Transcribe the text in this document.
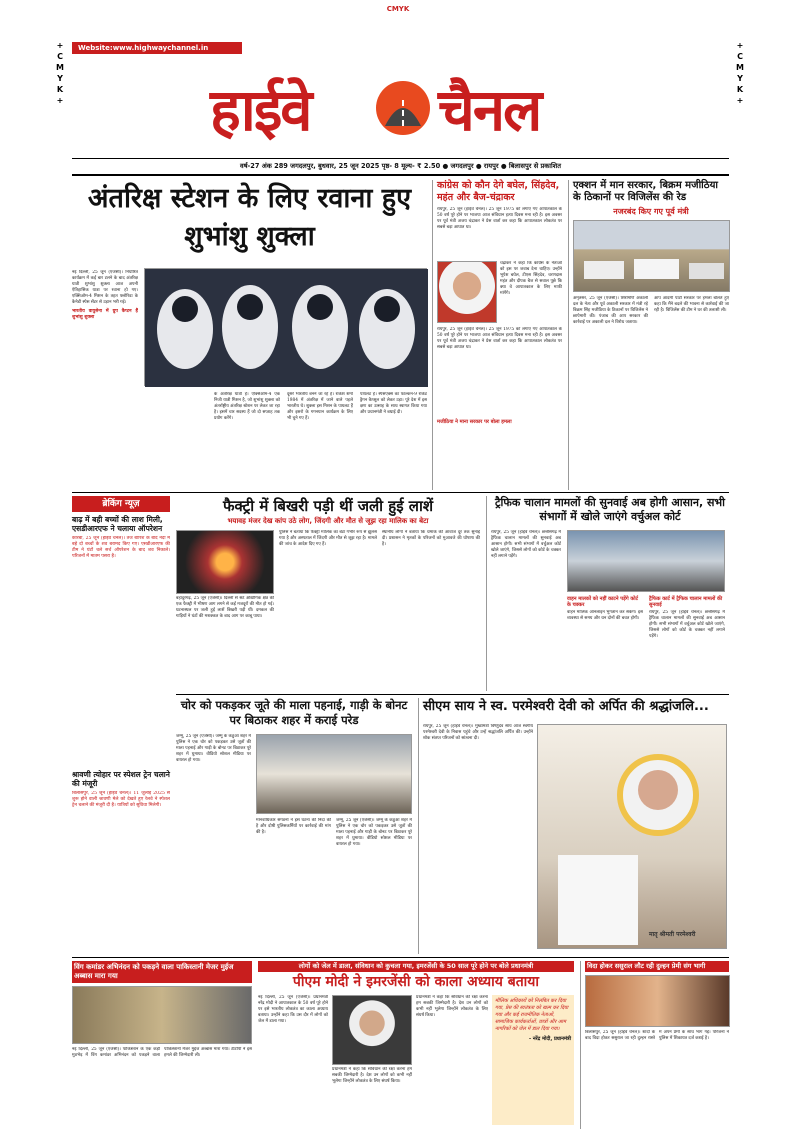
CMYK
+
C
M
Y
K
+
+
C
M
Y
K
+
Website:www.highwaychannel.in
हाईवे चैनल
वर्ष-27 अंक 289 जगदलपुर, बुधवार, 25 जून 2025 पृष्ठ- 8 मूल्य- ₹ 2.50 ● जगदलपुर ● रायपुर ● बिलासपुर से प्रकाशित
अंतरिक्ष स्टेशन के लिए रवाना हुए शुभांशु शुक्ला

नई दिल्ली, 25 जून (एजेंसी)। निर्धारित कार्यक्रम में कई बार टलने के बाद अंतरिक्ष यात्री शुभांशु शुक्ला आज अपनी ऐतिहासिक यात्रा पर रवाना हो गए। एक्सिओम-4 मिशन के तहत फ्लोरिडा के कैनेडी स्पेस सेंटर से उड़ान भरी गई।

भारतीय वायुसेना में ग्रुप कैप्टन हैं शुभांशु शुक्ला

के अंतरिक्ष यात्री हैं। एक्सिओम-4 एक निजी यात्री मिशन है, जो शुभांशु शुक्ला को अंतर्राष्ट्रीय अंतरिक्ष स्टेशन पर लेकर जा रहा है। इसमें चार सदस्य हैं जो दो सप्ताह तक प्रयोग करेंगे।
दूसरे भारतीय बनने जा रहे हैं। राकेश शर्मा 1984 में अंतरिक्ष में जाने वाले पहले भारतीय थे। शुक्ला इस मिशन के पायलट हैं और इसरो के गगनयान कार्यक्रम के लिए भी चुने गए हैं।
पायलट हैं। स्पेसएक्स का फाल्कन-9 रॉकेट ड्रैगन कैप्सूल को लेकर उड़ा। पूरे देश में इस क्षण का उत्साह के साथ स्वागत किया गया और प्रधानमंत्री ने बधाई दी।
कांग्रेस को कौन देगे बघेल, सिंहदेव, महंत और बैज-चंद्राकर
रायपुर, 25 जून (हाईवे चैनल)। 25 जून 1975 को लगाए गए आपातकाल के 50 वर्ष पूरे होने पर भाजपा आज संविधान हत्या दिवस मना रही है। इस अवसर पर पूर्व मंत्री अजय चंद्राकर ने प्रेस वार्ता कर कहा कि आपातकाल लोकतंत्र पर सबसे बड़ा आघात था।
चंद्राकर ने कहा कि कांग्रेस के नेताओं को इस पर जवाब देना चाहिए। उन्होंने भूपेश बघेल, टीएस सिंहदेव, चरणदास महंत और दीपक बैज से सवाल पूछे कि क्या वे आपातकाल के लिए माफी मांगेंगे।
रायपुर, 25 जून (हाईवे चैनल)। 25 जून 1975 को लगाए गए आपातकाल के 50 वर्ष पूरे होने पर भाजपा आज संविधान हत्या दिवस मना रही है। इस अवसर पर पूर्व मंत्री अजय चंद्राकर ने प्रेस वार्ता कर कहा कि आपातकाल लोकतंत्र पर सबसे बड़ा आघात था।
मजीठिया ने माना सरकार पर बोला हमला
एक्शन में मान सरकार, बिक्रम मजीठिया के ठिकानों पर विजिलेंस की रेड
नजरबंद किए गए पूर्व मंत्री
अमृतसर, 25 जून (एजेंसी)। शिरोमणि अकाली दल के नेता और पूर्व अकाली सरकार में मंत्री रहे बिक्रम सिंह मजीठिया के ठिकानों पर विजिलेंस ने छापेमारी की। पंजाब की आप सरकार की कार्रवाई पर अकाली दल ने विरोध जताया।
आप आदमी पार्टी सरकार पर हमला बोलते हुए कहा कि मैंने बदले की भावना से कार्रवाई की जा रही है। विजिलेंस की टीम ने घर की तलाशी ली।
ब्रेकिंग न्यूज़
बाढ़ में बही बच्चों की लाश मिली, एसडीआरएफ ने चलाया ऑपरेशन
कोरबा, 25 जून (हाईवे चैनल)। तेज बारिश के बाद नदी में बहे दो बच्चों के शव बरामद किए गए। एसडीआरएफ की टीम ने घंटों चले सर्च ऑपरेशन के बाद शव निकाले। परिजनों में मातम पसरा है।
श्रावणी त्योहार पर स्पेशल ट्रेन चलाने की मंजूरी
बिलासपुर, 25 जून (हाईवे चैनल)। 11 जुलाई 2025 से शुरू होने वाली श्रावणी मेले को देखते हुए रेलवे ने स्पेशल ट्रेन चलाने की मंजूरी दी है। यात्रियों को सुविधा मिलेगी।
फैक्ट्री में बिखरी पड़ी थीं जली हुई लाशें
भयावह मंजर देख कांप उठे लोग, जिंदगी और मौत से जूझ रहा मालिक का बेटा
बहादुरगढ़, 25 जून (एजेंसी)। दिल्ली से सटे औद्योगिक क्षेत्र की एक फैक्ट्री में भीषण आग लगने से कई मजदूरों की मौत हो गई। घटनास्थल पर जली हुई लाशें बिखरी पड़ी थीं। दमकल की गाड़ियों ने घंटों की मशक्कत के बाद आग पर काबू पाया।
पुलिस ने बताया कि फैक्ट्री मालिक का बेटा गंभीर रूप से झुलस गया है और अस्पताल में जिंदगी और मौत से जूझ रहा है। मामले की जांच के आदेश दिए गए हैं।
स्थानीय लोगों ने बताया कि धमाके की आवाज दूर तक सुनाई दी। प्रशासन ने मृतकों के परिजनों को मुआवजे की घोषणा की है।
ट्रैफिक चालान मामलों की सुनवाई अब होगी आसान, सभी संभागों में खोले जाएंगे वर्चुअल कोर्ट
रायपुर, 25 जून (हाईवे चैनल)। छत्तीसगढ़ में ट्रैफिक चालान मामलों की सुनवाई अब आसान होगी। सभी संभागों में वर्चुअल कोर्ट खोले जाएंगे, जिससे लोगों को कोर्ट के चक्कर नहीं लगाने पड़ेंगे।
वाहन मालकों को नहीं काटने पड़ेंगे कोर्ट के चक्कर
वाहन मालिक ऑनलाइन भुगतान कर सकेंगे। इस व्यवस्था से समय और धन दोनों की बचत होगी।
ट्रैफिक कार्ट में ट्रैफिक चालान मामलों की सुनवाई
रायपुर, 25 जून (हाईवे चैनल)। छत्तीसगढ़ में ट्रैफिक चालान मामलों की सुनवाई अब आसान होगी। सभी संभागों में वर्चुअल कोर्ट खोले जाएंगे, जिससे लोगों को कोर्ट के चक्कर नहीं लगाने पड़ेंगे।
चोर को पकड़कर जूते की माला पहनाई, गाड़ी के बोनट पर बिठाकर शहर में कराई परेड
जम्मू, 25 जून (एजेंसी)। जम्मू के कठुआ शहर में पुलिस ने एक चोर को पकड़कर उसे जूतों की माला पहनाई और गाड़ी के बोनट पर बिठाकर पूरे शहर में घुमाया। वीडियो सोशल मीडिया पर वायरल हो गया।
मानवाधिकार संगठनों ने इस घटना की निंदा की है और दोषी पुलिसकर्मियों पर कार्रवाई की मांग की है।
जम्मू, 25 जून (एजेंसी)। जम्मू के कठुआ शहर में पुलिस ने एक चोर को पकड़कर उसे जूतों की माला पहनाई और गाड़ी के बोनट पर बिठाकर पूरे शहर में घुमाया। वीडियो सोशल मीडिया पर वायरल हो गया।
सीएम साय ने स्व. परमेश्वरी देवी को अर्पित की श्रद्धांजलि...
रायपुर, 25 जून (हाईवे चैनल)। मुख्यमंत्री विष्णुदेव साय आज स्वर्गीय परमेश्वरी देवी के निवास पहुंचे और उन्हें श्रद्धांजलि अर्पित की। उन्होंने शोक संतप्त परिजनों को सांत्वना दी।
मातृ श्रीमती परमेश्वरी
विंग कमांडर अभिनंदन को पकड़ने वाला पाकिस्तानी मेजर मुईज अब्बास मारा गया
नई दिल्ली, 25 जून (एजेंसी)। पाकिस्तान के एक कड़ी मुठभेड़ में विंग कमांडर अभिनंदन को पकड़ने वाला पाकिस्तानी मेजर मुईज अब्बास मारा गया। टीटीपी ने इस हमले की जिम्मेदारी ली।
लोगों को जेल में डाला, संविधान को कुचला गया, इमरजेंसी के 50 साल पूरे होने पर बोले प्रधानमंत्री
पीएम मोदी ने इमरजेंसी को काला अध्याय बताया
नई दिल्ली, 25 जून (एजेंसी)। प्रधानमंत्री नरेंद्र मोदी ने आपातकाल के 50 वर्ष पूरे होने पर इसे भारतीय लोकतंत्र का काला अध्याय बताया। उन्होंने कहा कि उस दौर में लोगों को जेल में डाला गया।
प्रधानमंत्री ने कहा कि संविधान की रक्षा करना हम सबकी जिम्मेदारी है। देश उन लोगों को कभी नहीं भूलेगा जिन्होंने लोकतंत्र के लिए संघर्ष किया।
प्रधानमंत्री ने कहा कि संविधान की रक्षा करना हम सबकी जिम्मेदारी है। देश उन लोगों को कभी नहीं भूलेगा जिन्होंने लोकतंत्र के लिए संघर्ष किया।
मौलिक अधिकारों को निलंबित कर दिया गया, प्रेस की स्वतंत्रता को खत्म कर दिया गया और कई राजनीतिक नेताओं, सामाजिक कार्यकर्ताओं, छात्रों और आम नागरिकों को जेल में डाल दिया गया।
- नरेंद्र मोदी, प्रधानमंत्री
विदा होकर ससुराल लौट रही दुल्हन प्रेमी संग भागी
बिलासपुर, 25 जून (हाईवे चैनल)। शादी के बाद विदा होकर ससुराल जा रही दुल्हन रास्ते में अपने प्रेमी के साथ भाग गई। परिजनों ने पुलिस में शिकायत दर्ज कराई है।
